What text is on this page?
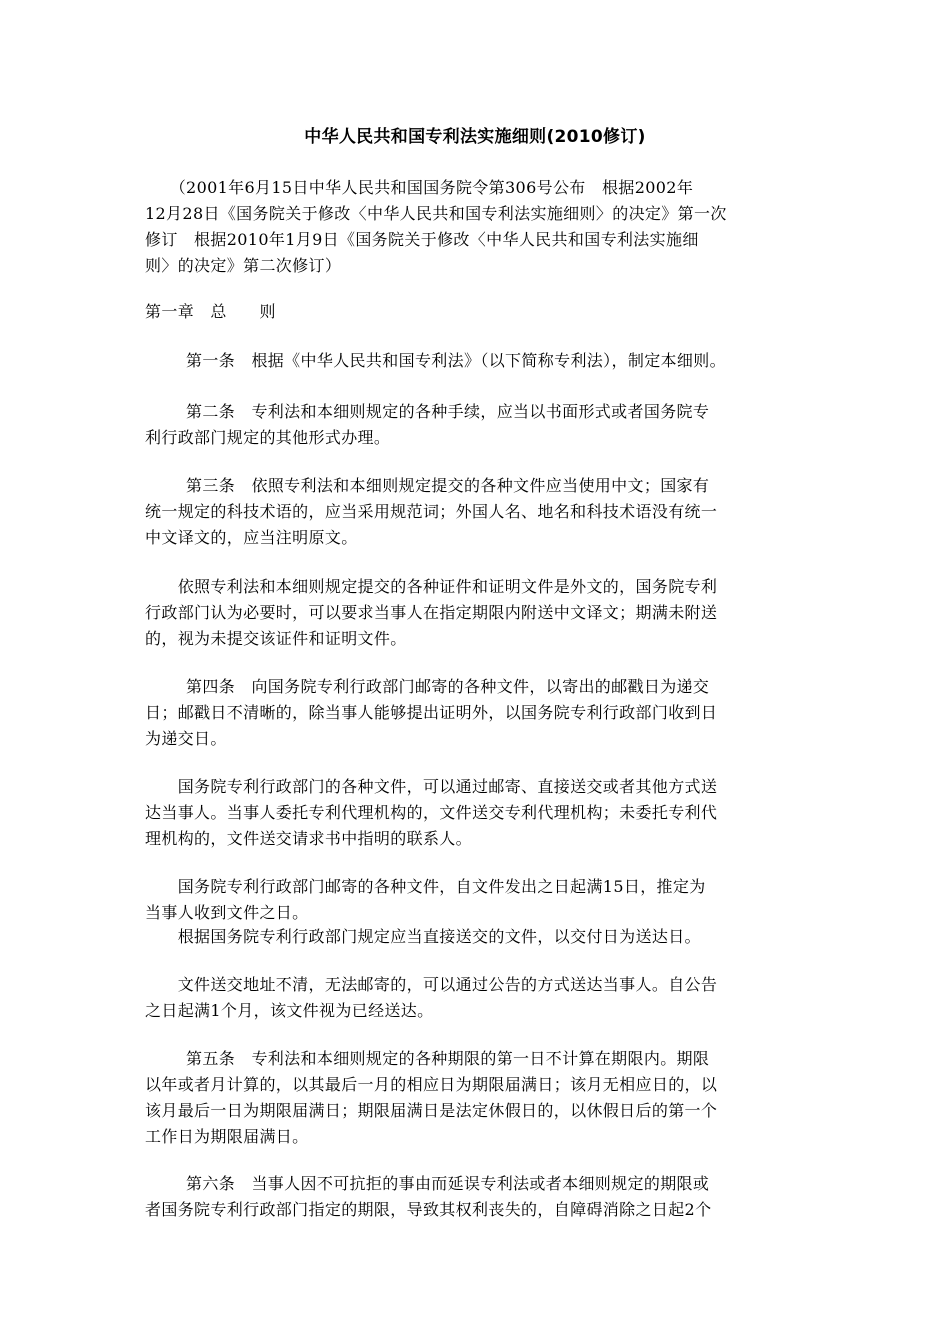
中华人民共和国专利法实施细则(2010修订)
　　（2001年6月15日中华人民共和国国务院令第306号公布　根据2002年
12月28日《国务院关于修改〈中华人民共和国专利法实施细则〉的决定》第一次
修订　根据2010年1月9日《国务院关于修改〈中华人民共和国专利法实施细
则〉的决定》第二次修订）
第一章　总　　则
　　 第一条　根据《中华人民共和国专利法》（以下简称专利法），制定本细则。
　　 第二条　专利法和本细则规定的各种手续，应当以书面形式或者国务院专
利行政部门规定的其他形式办理。
　　 第三条　依照专利法和本细则规定提交的各种文件应当使用中文；国家有
统一规定的科技术语的，应当采用规范词；外国人名、地名和科技术语没有统一
中文译文的，应当注明原文。
　　依照专利法和本细则规定提交的各种证件和证明文件是外文的，国务院专利
行政部门认为必要时，可以要求当事人在指定期限内附送中文译文；期满未附送
的，视为未提交该证件和证明文件。
　　 第四条　向国务院专利行政部门邮寄的各种文件，以寄出的邮戳日为递交
日；邮戳日不清晰的，除当事人能够提出证明外，以国务院专利行政部门收到日
为递交日。
　　国务院专利行政部门的各种文件，可以通过邮寄、直接送交或者其他方式送
达当事人。当事人委托专利代理机构的，文件送交专利代理机构；未委托专利代
理机构的，文件送交请求书中指明的联系人。
　　国务院专利行政部门邮寄的各种文件，自文件发出之日起满15日，推定为
当事人收到文件之日。
　　根据国务院专利行政部门规定应当直接送交的文件，以交付日为送达日。
　　文件送交地址不清，无法邮寄的，可以通过公告的方式送达当事人。自公告
之日起满1个月，该文件视为已经送达。
　　 第五条　专利法和本细则规定的各种期限的第一日不计算在期限内。期限
以年或者月计算的，以其最后一月的相应日为期限届满日；该月无相应日的，以
该月最后一日为期限届满日；期限届满日是法定休假日的，以休假日后的第一个
工作日为期限届满日。
　　 第六条　当事人因不可抗拒的事由而延误专利法或者本细则规定的期限或
者国务院专利行政部门指定的期限，导致其权利丧失的，自障碍消除之日起2个
